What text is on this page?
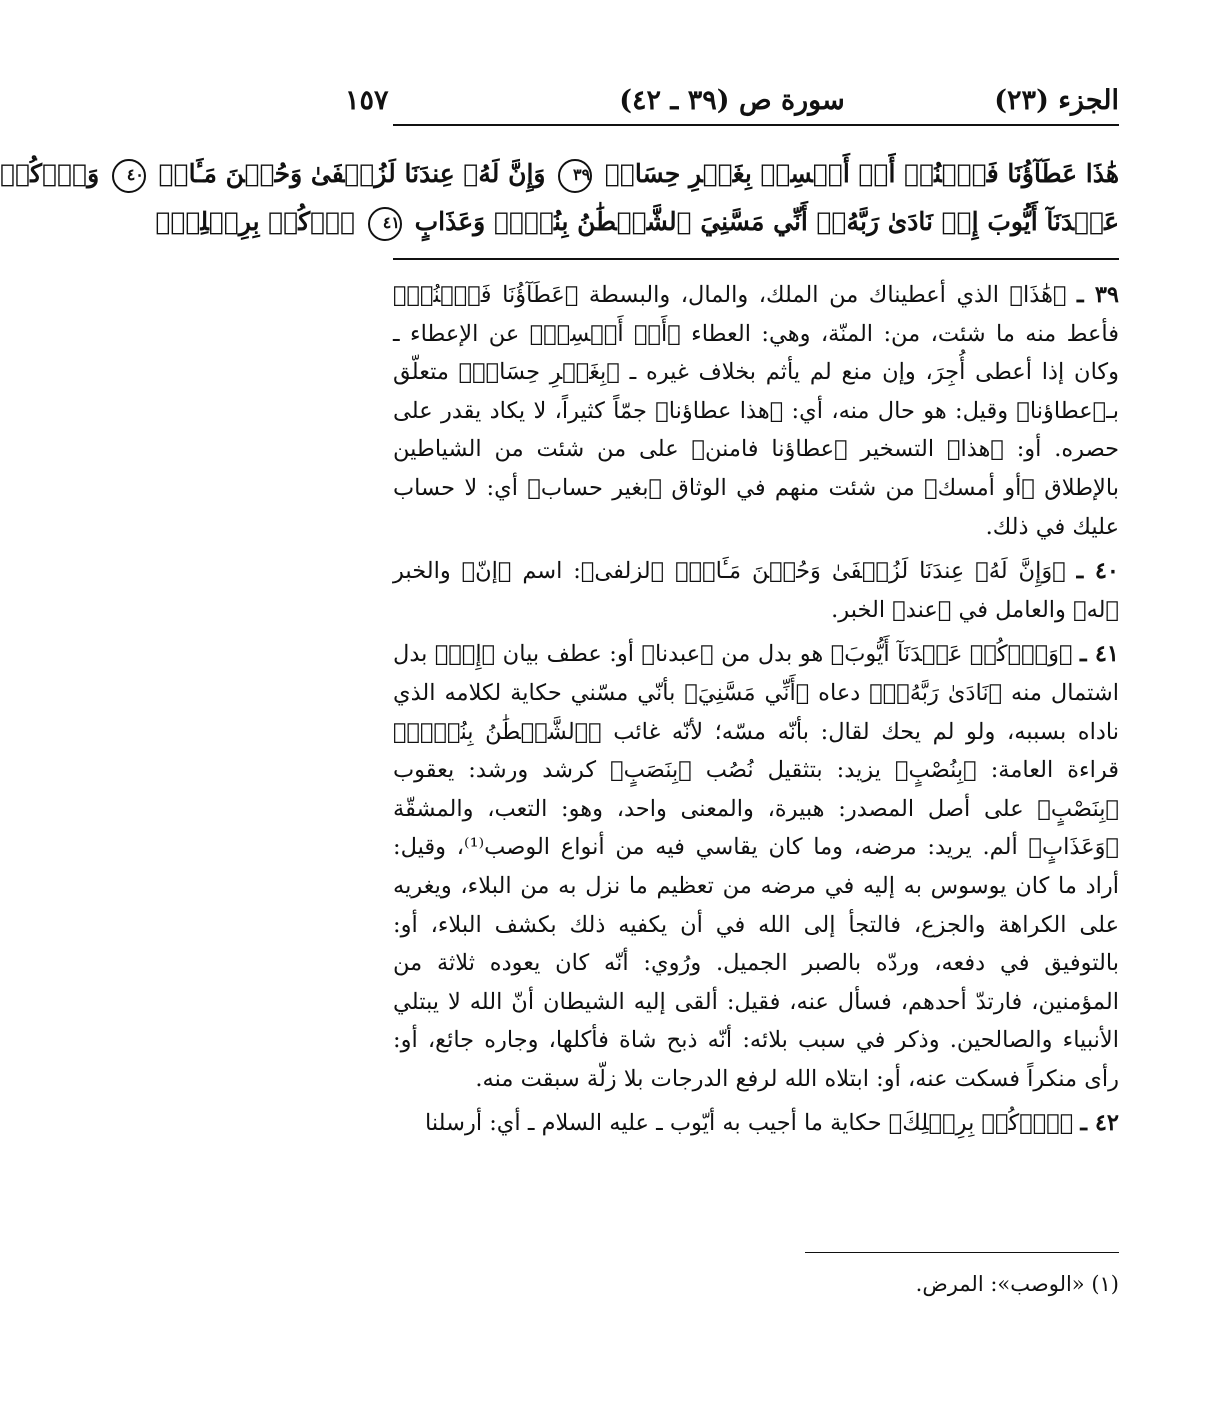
الجزء (٢٣)
سورة ص (٣٩ ـ ٤٢)
١٥٧
هَٰذَا عَطَآؤُنَا فَٱمۡنُنۡ أَوۡ أَمۡسِكۡ بِغَيۡرِ حِسَابٖ ٣٩ وَإِنَّ لَهُۥ عِندَنَا لَزُلۡفَىٰ وَحُسۡنَ مَـَٔابٖ ٤٠ وَٱذۡكُرۡ
عَبۡدَنَآ أَيُّوبَ إِذۡ نَادَىٰ رَبَّهُۥٓ أَنِّي مَسَّنِيَ ٱلشَّيۡطَٰنُ بِنُصۡبٖ وَعَذَابٍ ٤١ ٱرۡكُضۡ بِرِجۡلِكَۖ

٣٩ ـ ﴿هَٰذَا﴾ الذي أعطيناك من الملك، والمال، والبسطة ﴿عَطَآؤُنَا فَٱمۡنُنۡ﴾ فأعط منه ما شئت، من: المنّة، وهي: العطاء ﴿أَوۡ أَمۡسِكۡ﴾ عن الإعطاء ـ وكان إذا أعطى أُجِرَ، وإن منع لم يأثم بخلاف غيره ـ ﴿بِغَيۡرِ حِسَابٖ﴾ متعلّق بـ﴿عطاؤنا﴾ وقيل: هو حال منه، أي: ﴿هذا عطاؤنا﴾ جمّاً كثيراً، لا يكاد يقدر على حصره. أو: ﴿هذا﴾ التسخير ﴿عطاؤنا فامنن﴾ على من شئت من الشياطين بالإطلاق ﴿أو أمسك﴾ من شئت منهم في الوثاق ﴿بغير حساب﴾ أي: لا حساب عليك في ذلك.

٤٠ ـ ﴿وَإِنَّ لَهُۥ عِندَنَا لَزُلۡفَىٰ وَحُسۡنَ مَـَٔابٖ﴾ ﴿لزلفى﴾: اسم ﴿إنّ﴾ والخبر ﴿له﴾ والعامل في ﴿عند﴾ الخبر.

٤١ ـ ﴿وَٱذۡكُرۡ عَبۡدَنَآ أَيُّوبَ﴾ هو بدل من ﴿عبدنا﴾ أو: عطف بيان ﴿إِذۡ﴾ بدل اشتمال منه ﴿نَادَىٰ رَبَّهُۥٓ﴾ دعاه ﴿أَنِّي مَسَّنِيَ﴾ بأنّي مسّني حكاية لكلامه الذي ناداه بسببه، ولو لم يحك لقال: بأنّه مسّه؛ لأنّه غائب ﴿ٱلشَّيۡطَٰنُ بِنُصۡبٖ﴾ قراءة العامة: ﴿بِنُصْبٍ﴾ يزيد: بتثقيل نُصُب ﴿بِنَصَبٍ﴾ كرشد ورشد: يعقوب ﴿بِنَصْبٍ﴾ على أصل المصدر: هبيرة، والمعنى واحد، وهو: التعب، والمشقّة ﴿وَعَذَابٍ﴾ ألم. يريد: مرضه، وما كان يقاسي فيه من أنواع الوصب⁽¹⁾، وقيل: أراد ما كان يوسوس به إليه في مرضه من تعظيم ما نزل به من البلاء، ويغريه على الكراهة والجزع، فالتجأ إلى الله في أن يكفيه ذلك بكشف البلاء، أو: بالتوفيق في دفعه، وردّه بالصبر الجميل. ورُوي: أنّه كان يعوده ثلاثة من المؤمنين، فارتدّ أحدهم، فسأل عنه، فقيل: ألقى إليه الشيطان أنّ الله لا يبتلي الأنبياء والصالحين. وذكر في سبب بلائه: أنّه ذبح شاة فأكلها، وجاره جائع، أو: رأى منكراً فسكت عنه، أو: ابتلاه الله لرفع الدرجات بلا زلّة سبقت منه.

٤٢ ـ ﴿ٱرۡكُضۡ بِرِجۡلِكَ﴾ حكاية ما أجيب به أيّوب ـ عليه السلام ـ أي: أرسلنا

(١) «الوصب»: المرض.
